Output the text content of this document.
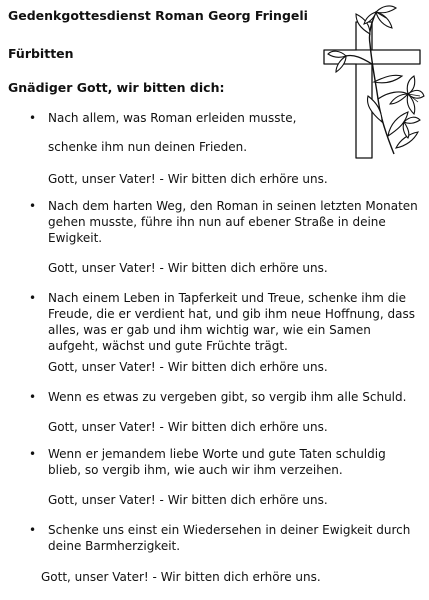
Gedenkgottesdienst Roman Georg Fringeli
Fürbitten
Gnädiger Gott, wir bitten dich:
• Nach allem, was Roman erleiden musste,
schenke ihm nun deinen Frieden.
Gott, unser Vater! - Wir bitten dich erhöre uns.
• Nach dem harten Weg, den Roman in seinen letzten Monaten
gehen musste, führe ihn nun auf ebener Straße in deine
Ewigkeit.
Gott, unser Vater! - Wir bitten dich erhöre uns.
• Nach einem Leben in Tapferkeit und Treue, schenke ihm die
Freude, die er verdient hat, und gib ihm neue Hoffnung, dass
alles, was er gab und ihm wichtig war, wie ein Samen
aufgeht, wächst und gute Früchte trägt.
Gott, unser Vater! - Wir bitten dich erhöre uns.
• Wenn es etwas zu vergeben gibt, so vergib ihm alle Schuld.
Gott, unser Vater! - Wir bitten dich erhöre uns.
• Wenn er jemandem liebe Worte und gute Taten schuldig
blieb, so vergib ihm, wie auch wir ihm verzeihen.
Gott, unser Vater! - Wir bitten dich erhöre uns.
• Schenke uns einst ein Wiedersehen in deiner Ewigkeit durch
deine Barmherzigkeit.
Gott, unser Vater! - Wir bitten dich erhöre uns.
